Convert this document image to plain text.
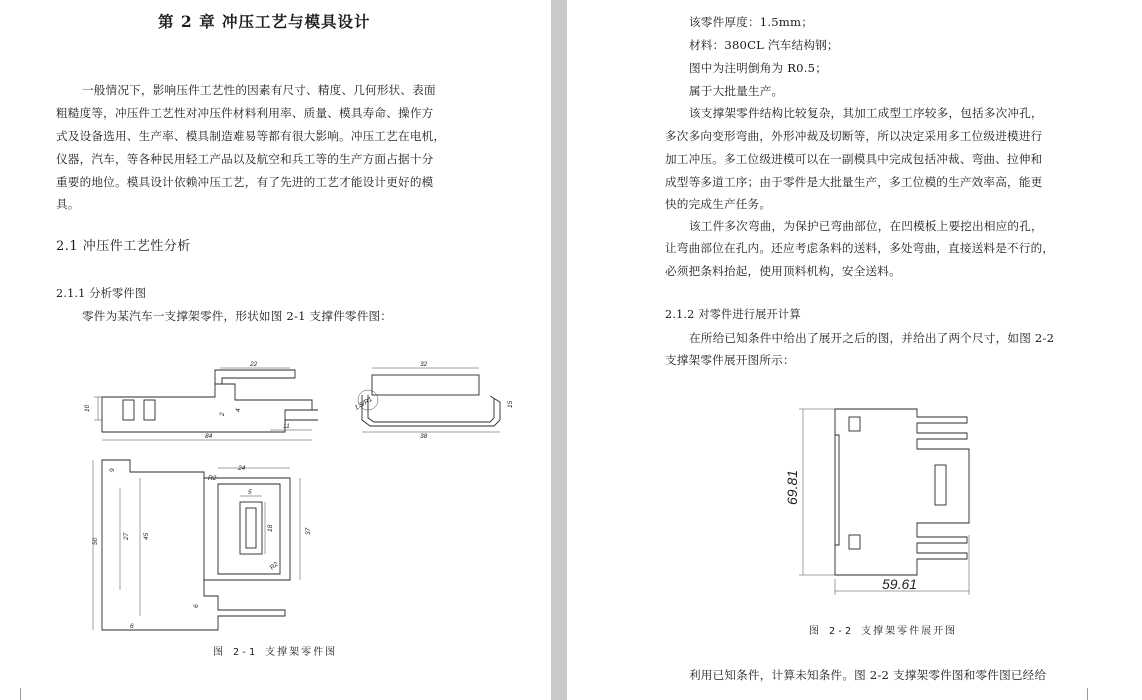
第 2 章 冲压工艺与模具设计
一般情况下，影响压件工艺性的因素有尺寸、精度、几何形状、表面
粗糙度等，冲压件工艺性对冲压件材料利用率、质量、模具寿命、操作方
式及设备选用、生产率、模具制造难易等都有很大影响。冲压工艺在电机，
仪器，汽车，等各种民用轻工产品以及航空和兵工等的生产方面占据十分
重要的地位。模具设计依赖冲压工艺，有了先进的工艺才能设计更好的模
具。
2.1 冲压件工艺性分析
2.1.1 分析零件图
零件为某汽车一支撑架零件，形状如图 2-1 支撑件零件图：
22
10
2
4
11
84
32
15
38
1.5/R1
9	24
R2
5
18	37
27 45
50
R2
6
6
图 2-1 支撑架零件图
该零件厚度：1.5mm；
材料：380CL 汽车结构钢；
图中为注明倒角为 R0.5；
属于大批量生产。
该支撑架零件结构比较复杂，其加工成型工序较多，包括多次冲孔，
多次多向变形弯曲，外形冲裁及切断等，所以决定采用多工位级进模进行
加工冲压。多工位级进模可以在一副模具中完成包括冲裁、弯曲、拉伸和
成型等多道工序；由于零件是大批量生产，多工位模的生产效率高，能更
快的完成生产任务。
该工件多次弯曲，为保护已弯曲部位，在凹模板上要挖出相应的孔，
让弯曲部位在孔内。还应考虑条料的送料，多处弯曲，直接送料是不行的，
必须把条料抬起，使用顶料机构，安全送料。
2.1.2 对零件进行展开计算
在所给已知条件中给出了展开之后的图，并给出了两个尺寸，如图 2-2
支撑架零件展开图所示：
69.81
59.61
图 2-2 支撑架零件展开图
利用已知条件，计算未知条件。图 2-2 支撑架零件图和零件图已经给
